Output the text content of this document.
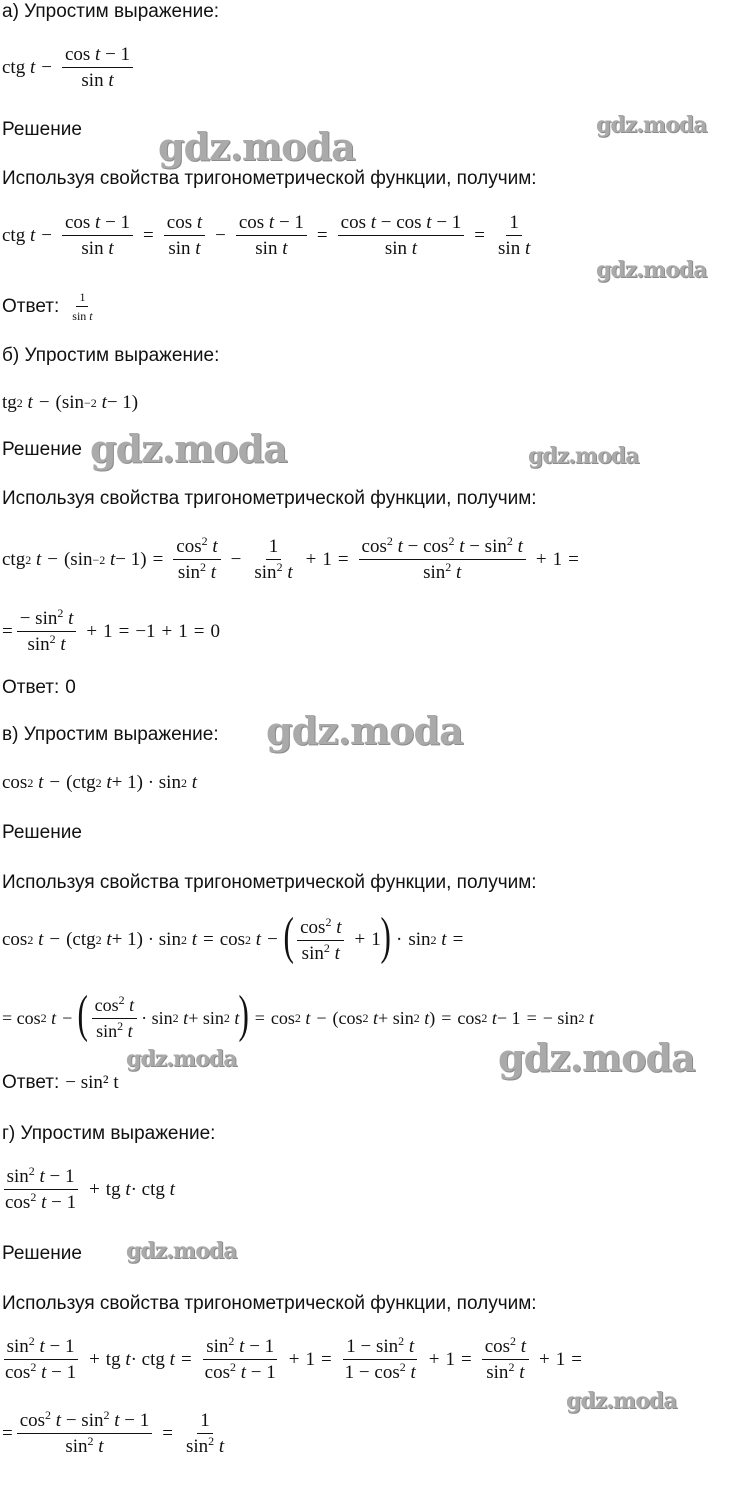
а) Упростим выражение:
ctg $t - \frac{\text{cos t − 1}}{\text{sin t}}$
Решение
Используя свойства тригонометрической функции, получим:
ctg $t - \frac{\text{cos t − 1}}{\text{sin t}} = \frac{\text{cos t}}{\text{sin t}} - \frac{\text{cos t − 1}}{\text{sin t}} = \frac{\text{cos t − cos t − 1}}{\text{sin t}} = \frac{1}{\text{sin t}}$
Ответ: $\frac{1}{\text{sin t}}$
б) Упростим выражение:
tg 2
t − (sin −2
t − 1)
Решение
Используя свойства тригонометрической функции, получим:
ctg 2
t − (sin −2
$t - 1) = \frac{\cos^2 t}{\sin^2 t} - \frac{1}{\sin^2 t} + 1 = \frac{\cos^2 t - \cos^2 t - \sin^2 t}{\sin^2 t} + 1$ =
= $\frac{- \sin^2 t}{\sin^2 t} + 1 = -1 + 1 = 0$
Ответ: 0
в) Упростим выражение:
cos 2
t − (ctg 2
t + 1) · sin 2
t
Решение
Используя свойства тригонометрической функции, получим:
cos 2
t − (ctg 2
t + 1) · sin 2
t = cos 2
t − ( $\frac{\cos^2 t}{\sin^2 t} + 1$ ) · sin 2
t =
= cos 2
t − ( $\frac{\cos^2 t}{\sin^2 t} \cdot \sin 2$
t + sin 2
t ) = cos 2
t − (cos 2
t + sin 2
t ) = cos 2
t − 1 = − sin 2
t
Ответ: − sin² t
г) Упростим выражение:
$\frac{\sin^2 t - 1}{\cos^2 t - 1}$ + tg t · ctg t
Решение
Используя свойства тригонометрической функции, получим:
$\frac{\sin^2 t - 1}{\cos^2 t - 1}$ + tg t · ctg $t = \frac{\sin^2 t - 1}{\cos^2 t - 1} + 1 = \frac{1 - \sin^2 t}{1 - \cos^2 t} + 1 = \frac{\cos^2 t}{\sin^2 t} + 1$ =
= $\frac{\cos^2 t - \sin^2 t - 1}{\sin^2 t} = \frac{1}{\sin^2 t}$
gdz.moda	gdz.moda
gdz.moda
gdz.moda	gdz.moda
gdz.moda
gdz.moda	gdz.moda
gdz.moda
gdz.moda
